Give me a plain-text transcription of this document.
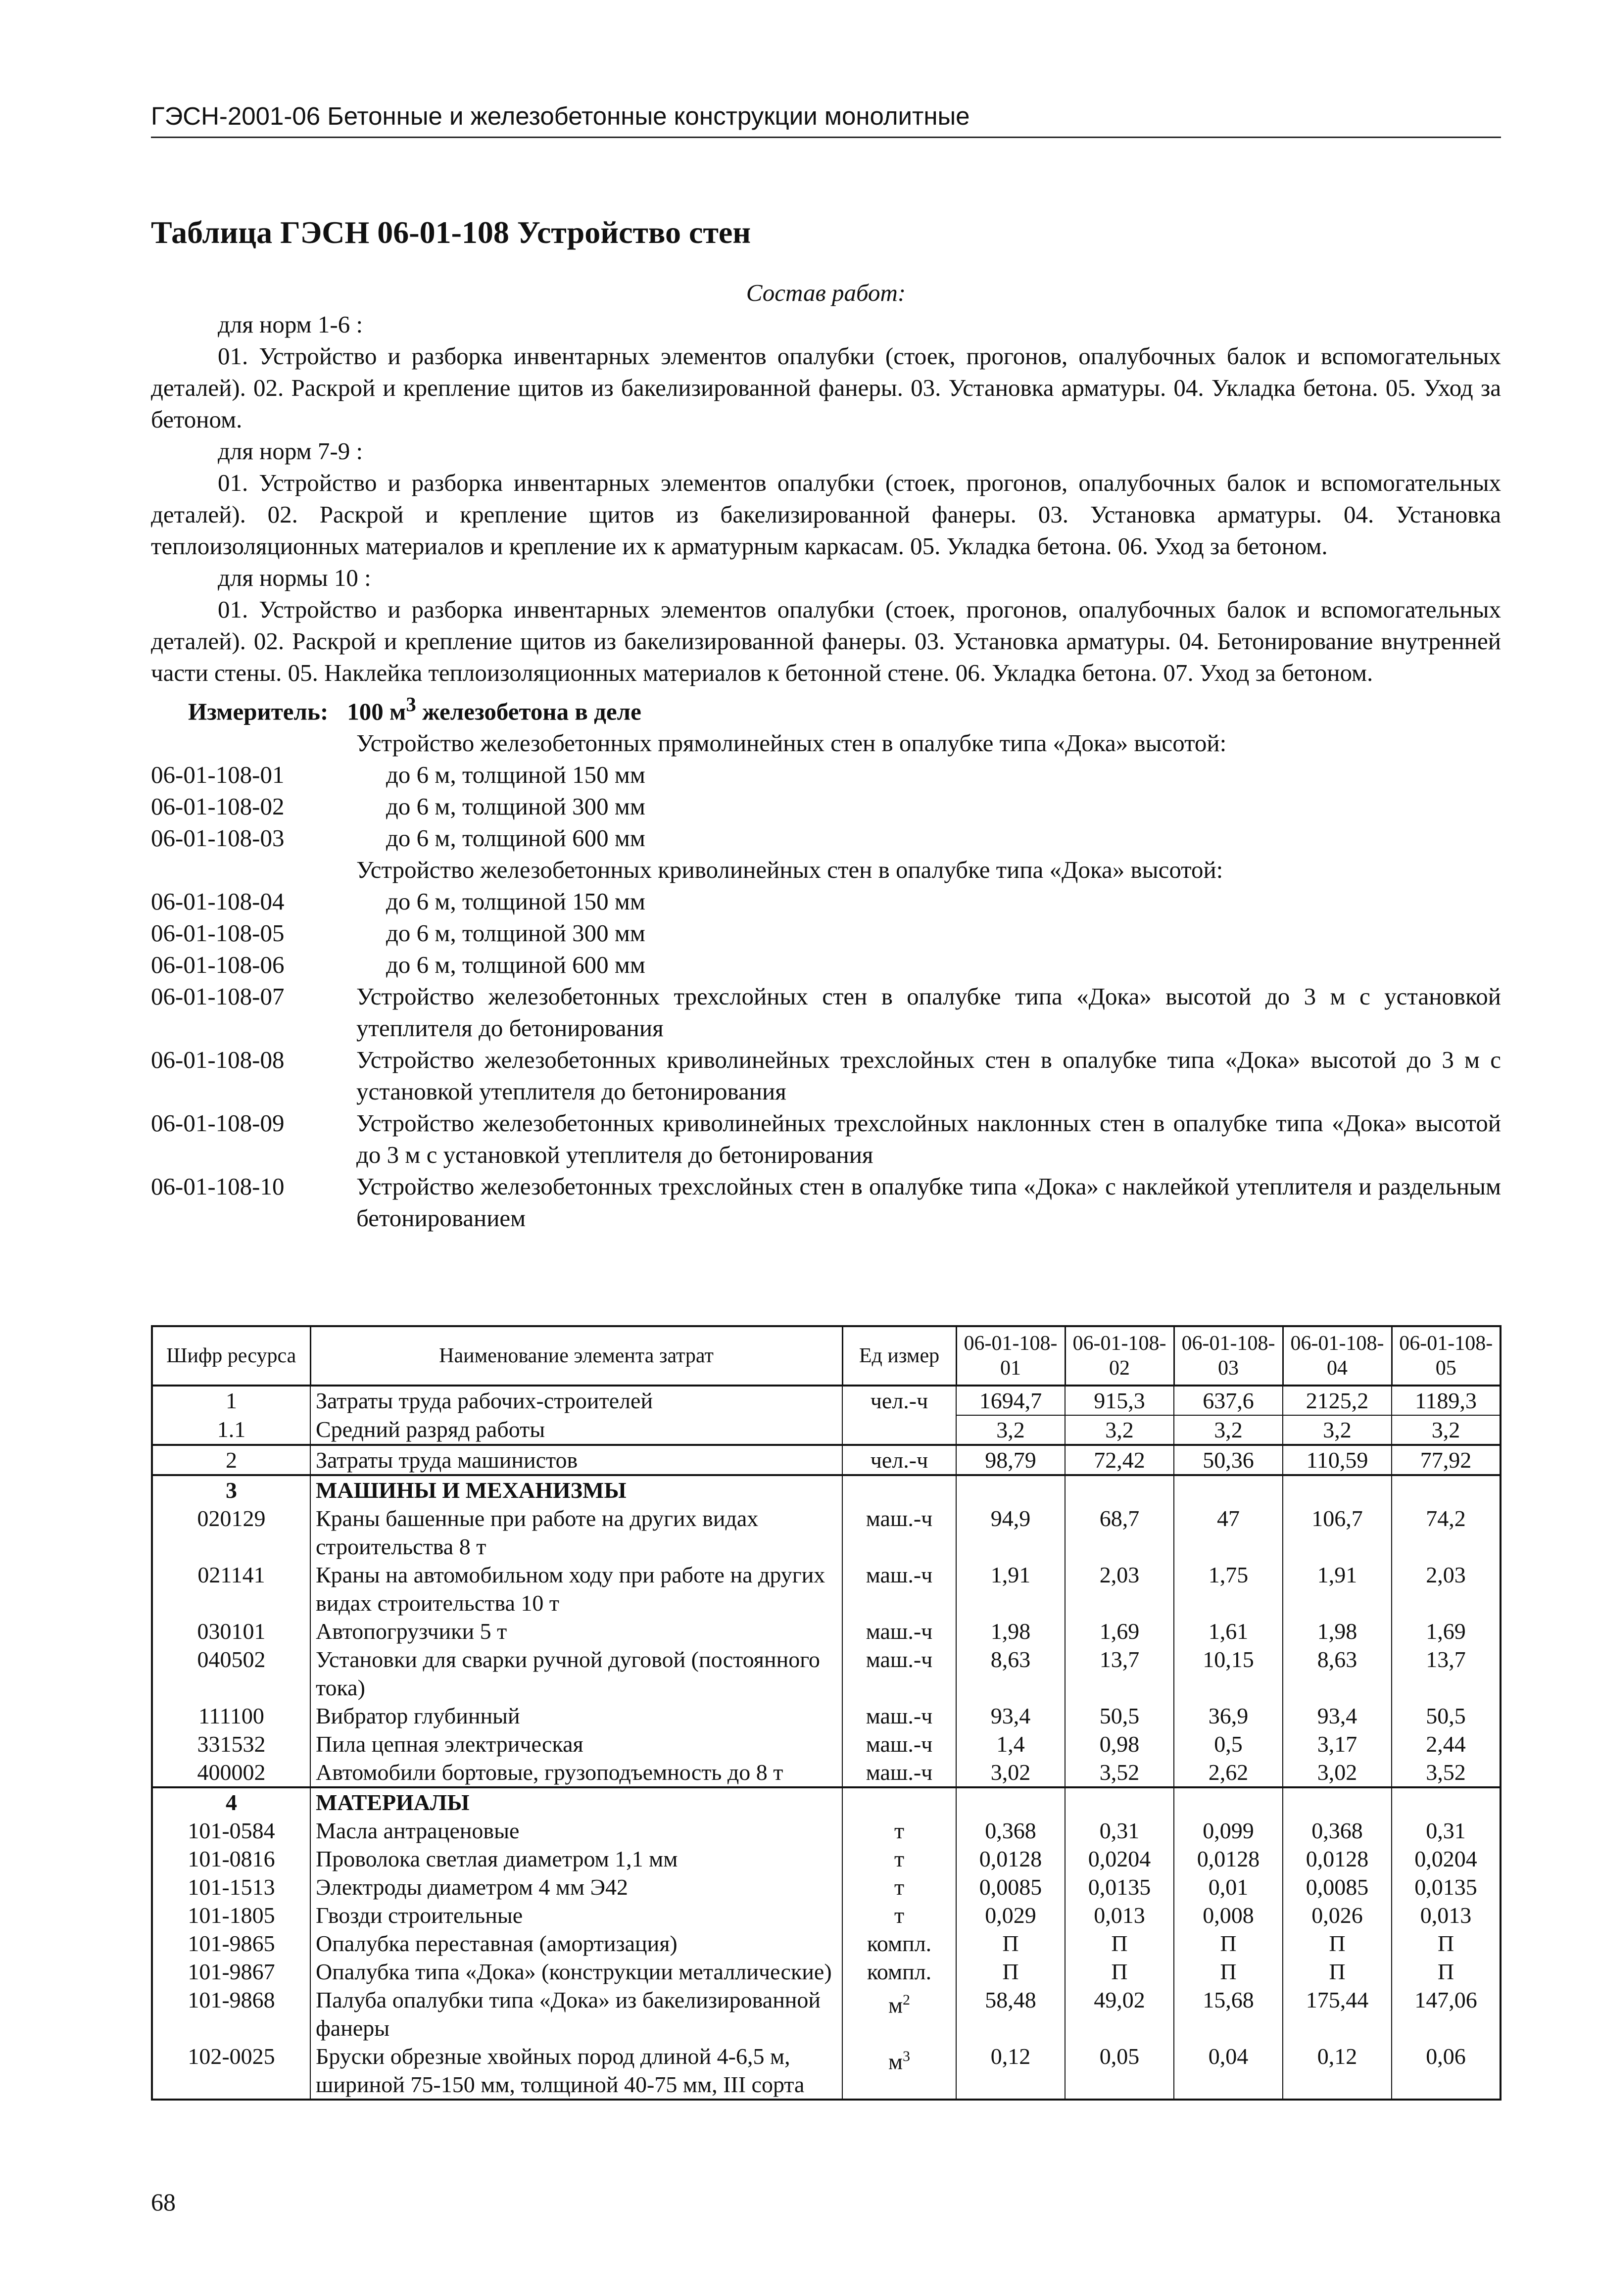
ГЭСН-2001-06 Бетонные и железобетонные конструкции монолитные
Таблица ГЭСН 06-01-108 Устройство стен

Состав работ:

для норм 1-6 :

01. Устройство и разборка инвентарных элементов опалубки (стоек, прогонов, опалубочных балок и вспомогательных деталей). 02. Раскрой и крепление щитов из бакелизированной фанеры. 03. Установка арматуры. 04. Укладка бетона. 05. Уход за бетоном.

для норм 7-9 :

01. Устройство и разборка инвентарных элементов опалубки (стоек, прогонов, опалубочных балок и вспомогательных деталей). 02. Раскрой и крепление щитов из бакелизированной фанеры. 03. Установка арматуры. 04. Установка теплоизоляционных материалов и крепление их к арматурным каркасам. 05. Укладка бетона. 06. Уход за бетоном.

для нормы 10 :

01. Устройство и разборка инвентарных элементов опалубки (стоек, прогонов, опалубочных балок и вспомогательных деталей). 02. Раскрой и крепление щитов из бакелизированной фанеры. 03. Установка арматуры. 04. Бетонирование внутренней части стены. 05. Наклейка теплоизоляционных материалов к бетонной стене. 06. Укладка бетона. 07. Уход за бетоном.

Измеритель: 100 $м^3$ железобетона в деле

Устройство железобетонных прямолинейных стен в опалубке типа «Дока» высотой:

06-01-108-01	до 6 м, толщиной 150 мм
06-01-108-02	до 6 м, толщиной 300 мм
06-01-108-03	до 6 м, толщиной 600 мм

Устройство железобетонных криволинейных стен в опалубке типа «Дока» высотой:

06-01-108-04	до 6 м, толщиной 150 мм
06-01-108-05	до 6 м, толщиной 300 мм
06-01-108-06	до 6 м, толщиной 600 мм
06-01-108-07	Устройство железобетонных трехслойных стен в опалубке типа «Дока» высотой до 3 м с установкой утеплителя до бетонирования
06-01-108-08	Устройство железобетонных криволинейных трехслойных стен в опалубке типа «Дока» высотой до 3 м с установкой утеплителя до бетонирования
06-01-108-09	Устройство железобетонных криволинейных трехслойных наклонных стен в опалубке типа «Дока» высотой до 3 м с установкой утеплителя до бетонирования
06-01-108-10	Устройство железобетонных трехслойных стен в опалубке типа «Дока» с наклейкой утеплителя и раздельным бетонированием
Шифр ресурса	Наименование элемента затрат	Ед измер	06-01-108-01	06-01-108-02	06-01-108-03	06-01-108-04	06-01-108-05
1	Затраты труда рабочих-строителей	чел.-ч	1694,7	915,3	637,6	2125,2	1189,3
1.1	Средний разряд работы		3,2	3,2	3,2	3,2	3,2
2	Затраты труда машинистов	чел.-ч	98,79	72,42	50,36	110,59	77,92
3	МАШИНЫ И МЕХАНИЗМЫ						
020129	Краны башенные при работе на других видах строительства 8 т	маш.-ч	94,9	68,7	47	106,7	74,2
021141	Краны на автомобильном ходу при работе на других видах строительства 10 т	маш.-ч	1,91	2,03	1,75	1,91	2,03
030101	Автопогрузчики 5 т	маш.-ч	1,98	1,69	1,61	1,98	1,69
040502	Установки для сварки ручной дуговой (постоянного тока)	маш.-ч	8,63	13,7	10,15	8,63	13,7
111100	Вибратор глубинный	маш.-ч	93,4	50,5	36,9	93,4	50,5
331532	Пила цепная электрическая	маш.-ч	1,4	0,98	0,5	3,17	2,44
400002	Автомобили бортовые, грузоподъемность до 8 т	маш.-ч	3,02	3,52	2,62	3,02	3,52
4	МАТЕРИАЛЫ						
101-0584	Масла антраценовые	т	0,368	0,31	0,099	0,368	0,31
101-0816	Проволока светлая диаметром 1,1 мм	т	0,0128	0,0204	0,0128	0,0128	0,0204
101-1513	Электроды диаметром 4 мм Э42	т	0,0085	0,0135	0,01	0,0085	0,0135
101-1805	Гвозди строительные	т	0,029	0,013	0,008	0,026	0,013
101-9865	Опалубка переставная (амортизация)	компл.	П	П	П	П	П
101-9867	Опалубка типа «Дока» (конструкции металлические)	компл.	П	П	П	П	П
101-9868	Палуба опалубки типа «Дока» из бакелизированной фанеры	$м^2$	58,48	49,02	15,68	175,44	147,06
102-0025	Бруски обрезные хвойных пород длиной 4-6,5 м, шириной 75-150 мм, толщиной 40-75 мм, III сорта	$м^3$	0,12	0,05	0,04	0,12	0,06
68
